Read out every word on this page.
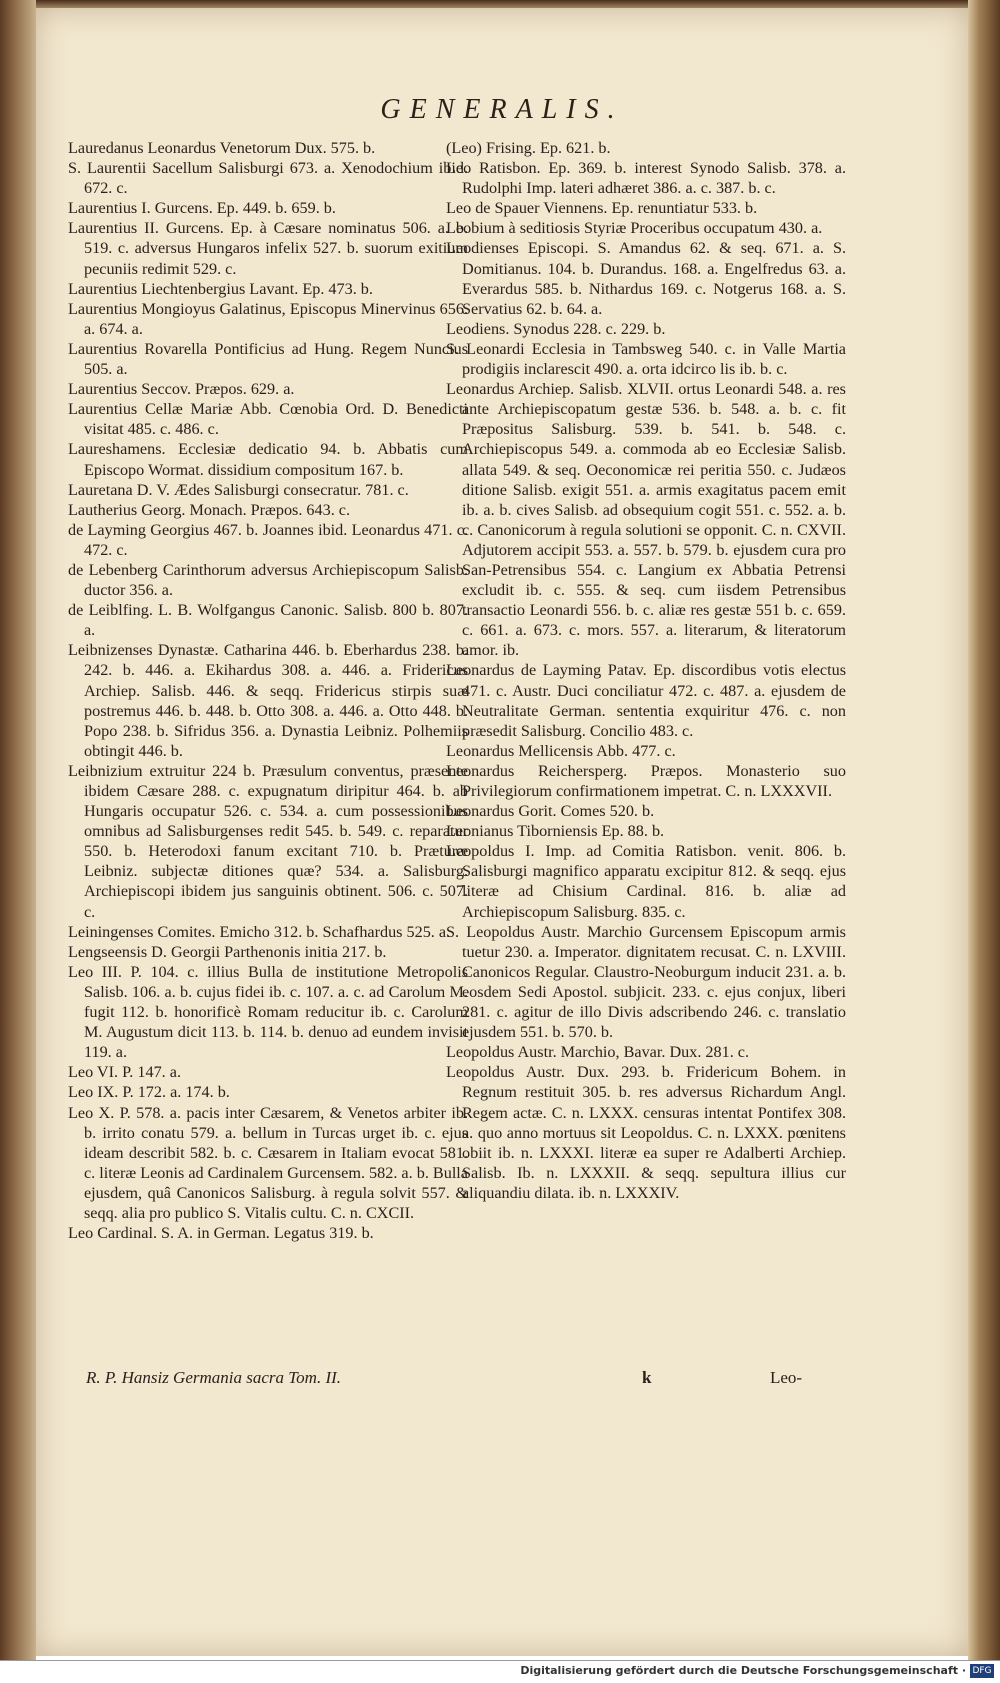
GENERALIS.

Lauredanus Leonardus Venetorum Dux. 575. b.

S. Laurentii Sacellum Salisburgi 673. a. Xenodochium ibid. 672. c.

Laurentius I. Gurcens. Ep. 449. b. 659. b.

Laurentius II. Gurcens. Ep. à Cæsare nominatus 506. a. b. 519. c. adversus Hungaros infelix 527. b. suorum exitium pecuniis redimit 529. c.

Laurentius Liechtenbergius Lavant. Ep. 473. b.

Laurentius Mongioyus Galatinus, Episcopus Minervinus 656. a. 674. a.

Laurentius Rovarella Pontificius ad Hung. Regem Nuncius 505. a.

Laurentius Seccov. Præpos. 629. a.

Laurentius Cellæ Mariæ Abb. Cœnobia Ord. D. Benedicti visitat 485. c. 486. c.

Laureshamens. Ecclesiæ dedicatio 94. b. Abbatis cum Episcopo Wormat. dissidium compositum 167. b.

Lauretana D. V. Ædes Salisburgi consecratur. 781. c.

Lautherius Georg. Monach. Præpos. 643. c.

de Layming Georgius 467. b. Joannes ibid. Leonardus 471. c. 472. c.

de Lebenberg Carinthorum adversus Archiepiscopum Salisb. ductor 356. a.

de Leiblfing. L. B. Wolfgangus Canonic. Salisb. 800 b. 807. a.

Leibnizenses Dynastæ. Catharina 446. b. Eberhardus 238. b. 242. b. 446. a. Ekihardus 308. a. 446. a. Fridericus Archiep. Salisb. 446. & seqq. Fridericus stirpis suæ postremus 446. b. 448. b. Otto 308. a. 446. a. Otto 448. b. Popo 238. b. Sifridus 356. a. Dynastia Leibniz. Polhemiis obtingit 446. b.

Leibnizium extruitur 224 b. Præsulum conventus, præsente ibidem Cæsare 288. c. expugnatum diripitur 464. b. ab Hungaris occupatur 526. c. 534. a. cum possessionibus omnibus ad Salisburgenses redit 545. b. 549. c. reparatur 550. b. Heterodoxi fanum excitant 710. b. Præturæ Leibniz. subjectæ ditiones quæ? 534. a. Salisburg. Archiepiscopi ibidem jus sanguinis obtinent. 506. c. 507. c.

Leiningenses Comites. Emicho 312. b. Schafhardus 525. a.

Lengseensis D. Georgii Parthenonis initia 217. b.

Leo III. P. 104. c. illius Bulla de institutione Metropolis Salisb. 106. a. b. cujus fidei ib. c. 107. a. c. ad Carolum M. fugit 112. b. honorificè Romam reducitur ib. c. Carolum M. Augustum dicit 113. b. 114. b. denuo ad eundem invisit 119. a.

Leo VI. P. 147. a.

Leo IX. P. 172. a. 174. b.

Leo X. P. 578. a. pacis inter Cæsarem, & Venetos arbiter ib. b. irrito conatu 579. a. bellum in Turcas urget ib. c. ejus ideam describit 582. b. c. Cæsarem in Italiam evocat 581. c. literæ Leonis ad Cardinalem Gurcensem. 582. a. b. Bulla ejusdem, quâ Canonicos Salisburg. à regula solvit 557. & seqq. alia pro publico S. Vitalis cultu. C. n. CXCII.

Leo Cardinal. S. A. in German. Legatus 319. b.

(Leo) Frising. Ep. 621. b.

Leo Ratisbon. Ep. 369. b. interest Synodo Salisb. 378. a. Rudolphi Imp. lateri adhæret 386. a. c. 387. b. c.

Leo de Spauer Viennens. Ep. renuntiatur 533. b.

Leobium à seditiosis Styriæ Proceribus occupatum 430. a.

Leodienses Episcopi. S. Amandus 62. & seq. 671. a. S. Domitianus. 104. b. Durandus. 168. a. Engelfredus 63. a. Everardus 585. b. Nithardus 169. c. Notgerus 168. a. S. Servatius 62. b. 64. a.

Leodiens. Synodus 228. c. 229. b.

S. Leonardi Ecclesia in Tambsweg 540. c. in Valle Martia prodigiis inclarescit 490. a. orta idcirco lis ib. b. c.

Leonardus Archiep. Salisb. XLVII. ortus Leonardi 548. a. res ante Archiepiscopatum gestæ 536. b. 548. a. b. c. fit Præpositus Salisburg. 539. b. 541. b. 548. c. Archiepiscopus 549. a. commoda ab eo Ecclesiæ Salisb. allata 549. & seq. Oeconomicæ rei peritia 550. c. Judæos ditione Salisb. exigit 551. a. armis exagitatus pacem emit ib. a. b. cives Salisb. ad obsequium cogit 551. c. 552. a. b. c. Canonicorum à regula solutioni se opponit. C. n. CXVII. Adjutorem accipit 553. a. 557. b. 579. b. ejusdem cura pro San-Petrensibus 554. c. Langium ex Abbatia Petrensi excludit ib. c. 555. & seq. cum iisdem Petrensibus transactio Leonardi 556. b. c. aliæ res gestæ 551 b. c. 659. c. 661. a. 673. c. mors. 557. a. literarum, & literatorum amor. ib.

Leonardus de Layming Patav. Ep. discordibus votis electus 471. c. Austr. Duci conciliatur 472. c. 487. a. ejusdem de Neutralitate German. sententia exquiritur 476. c. non præsedit Salisburg. Concilio 483. c.

Leonardus Mellicensis Abb. 477. c.

Leonardus Reichersperg. Præpos. Monasterio suo Privilegiorum confirmationem impetrat. C. n. LXXXVII.

Leonardus Gorit. Comes 520. b.

Leonianus Tiborniensis Ep. 88. b.

Leopoldus I. Imp. ad Comitia Ratisbon. venit. 806. b. Salisburgi magnifico apparatu excipitur 812. & seqq. ejus literæ ad Chisium Cardinal. 816. b. aliæ ad Archiepiscopum Salisburg. 835. c.

S. Leopoldus Austr. Marchio Gurcensem Episcopum armis tuetur 230. a. Imperator. dignitatem recusat. C. n. LXVIII. Canonicos Regular. Claustro-Neoburgum inducit 231. a. b. eosdem Sedi Apostol. subjicit. 233. c. ejus conjux, liberi 281. c. agitur de illo Divis adscribendo 246. c. translatio ejusdem 551. b. 570. b.

Leopoldus Austr. Marchio, Bavar. Dux. 281. c.

Leopoldus Austr. Dux. 293. b. Fridericum Bohem. in Regnum restituit 305. b. res adversus Richardum Angl. Regem actæ. C. n. LXXX. censuras intentat Pontifex 308. a. quo anno mortuus sit Leopoldus. C. n. LXXX. pœnitens obiit ib. n. LXXXI. literæ ea super re Adalberti Archiep. Salisb. Ib. n. LXXXII. & seqq. sepultura illius cur aliquandiu dilata. ib. n. LXXXIV.

R. P. Hansiz Germania sacra Tom. II.	k	Leo-
Digitalisierung gefördert durch die Deutsche Forschungsgemeinschaft · DFG
